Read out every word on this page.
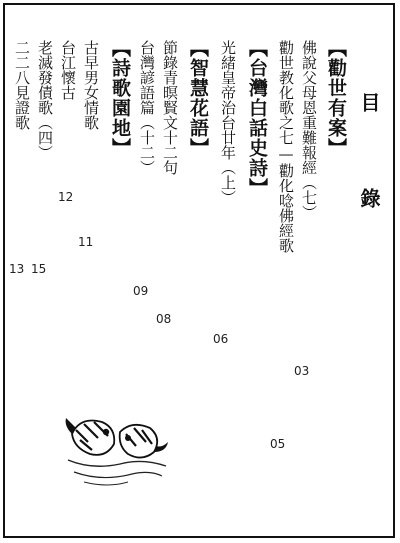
目 錄
【勸世有案】
佛說父母恩重難報經（七）
03
勸世教化歌之七—勸化唸佛經歌
05
【台灣白話史詩】
光緒皇帝治台廿年（上）
06
【智慧花語】
節錄青暝賢文十二句
08
台灣諺語篇（十二）
09
【詩歌園地】
古早男女情歌
11
台江懷古
12
老滅發債歌（四）
13
二二八見證歌
15
